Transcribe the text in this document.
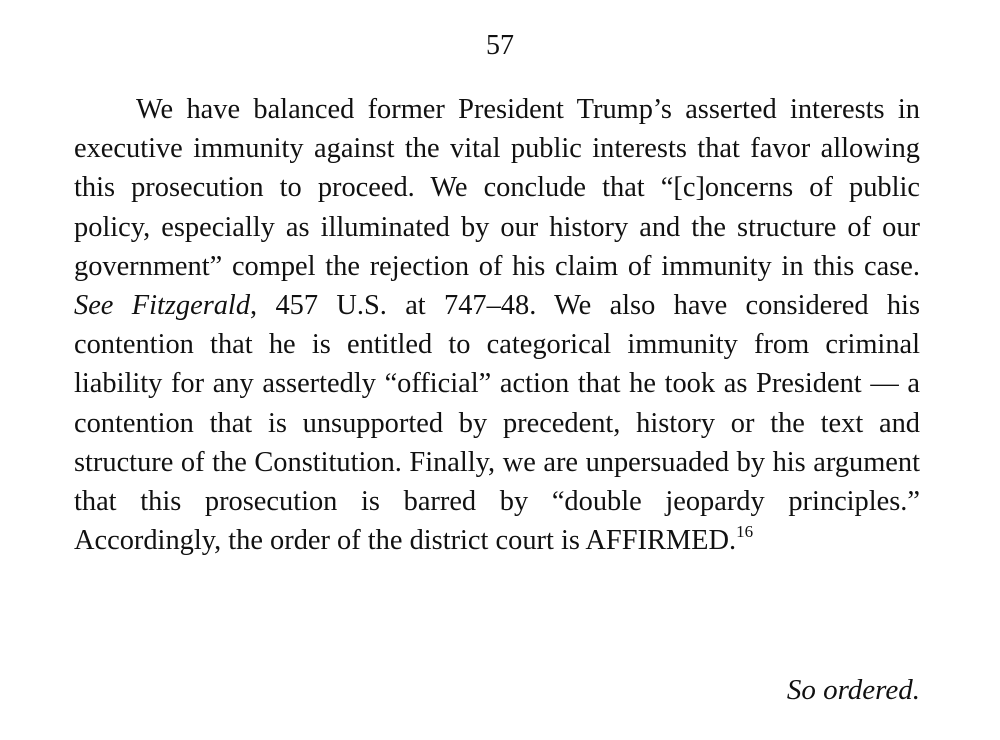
57

We have balanced former President Trump’s asserted interests in executive immunity against the vital public interests that favor allowing this prosecution to proceed. We conclude that “[c]oncerns of public policy, especially as illuminated by our history and the structure of our government” compel the rejection of his claim of immunity in this case. See Fitzgerald, 457 U.S. at 747–48. We also have considered his contention that he is entitled to categorical immunity from criminal liability for any assertedly “official” action that he took as President — a contention that is unsupported by precedent, history or the text and structure of the Constitution. Finally, we are unpersuaded by his argument that this prosecution is barred by “double jeopardy principles.” Accordingly, the order of the district court is AFFIRMED.$^{16}$

So ordered.
